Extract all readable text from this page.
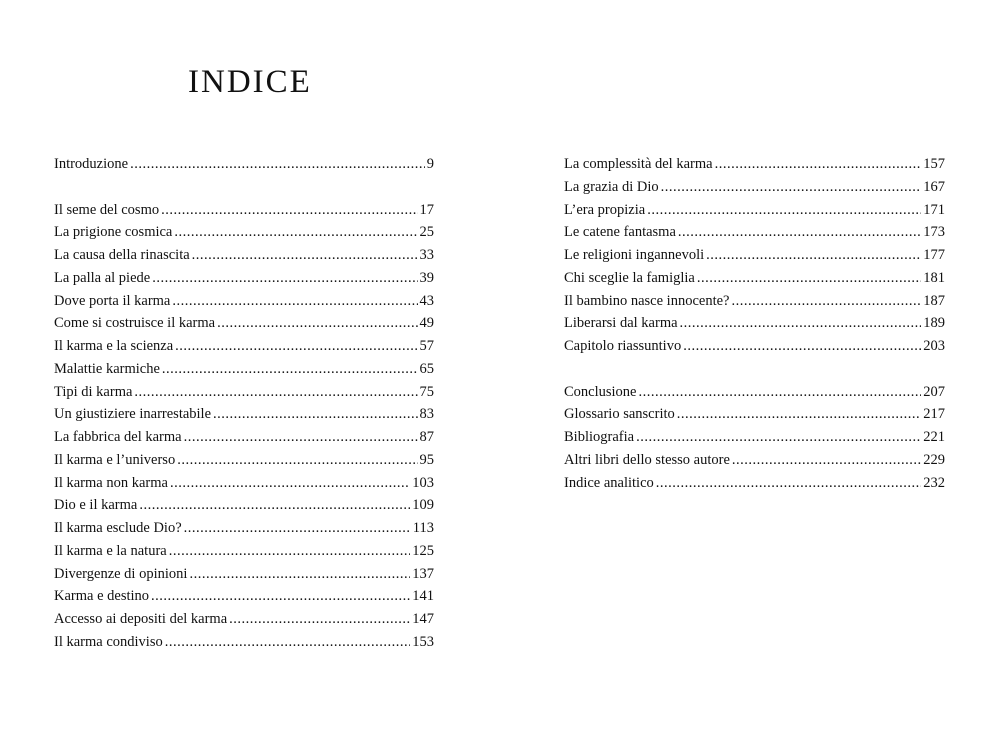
INDICE
Introduzione .....	9
Il seme del cosmo .....	17
La prigione cosmica .....	25
La causa della rinascita .....	33
La palla al piede .....	39
Dove porta il karma .....	43
Come si costruisce il karma .....	49
Il karma e la scienza .....	57
Malattie karmiche .....	65
Tipi di karma .....	75
Un giustiziere inarrestabile .....	83
La fabbrica del karma .....	87
Il karma e l’universo .....	95
Il karma non karma .....	103
Dio e il karma .....	109
Il karma esclude Dio? .....	113
Il karma e la natura .....	125
Divergenze di opinioni .....	137
Karma e destino .....	141
Accesso ai depositi del karma .....	147
Il karma condiviso .....	153
La complessità del karma .....	157
La grazia di Dio .....	167
L’era propizia .....	171
Le catene fantasma .....	173
Le religioni ingannevoli .....	177
Chi sceglie la famiglia .....	181
Il bambino nasce innocente? .....	187
Liberarsi dal karma .....	189
Capitolo riassuntivo .....	203
Conclusione .....	207
Glossario sanscrito .....	217
Bibliografia .....	221
Altri libri dello stesso autore .....	229
Indice analitico .....	232
